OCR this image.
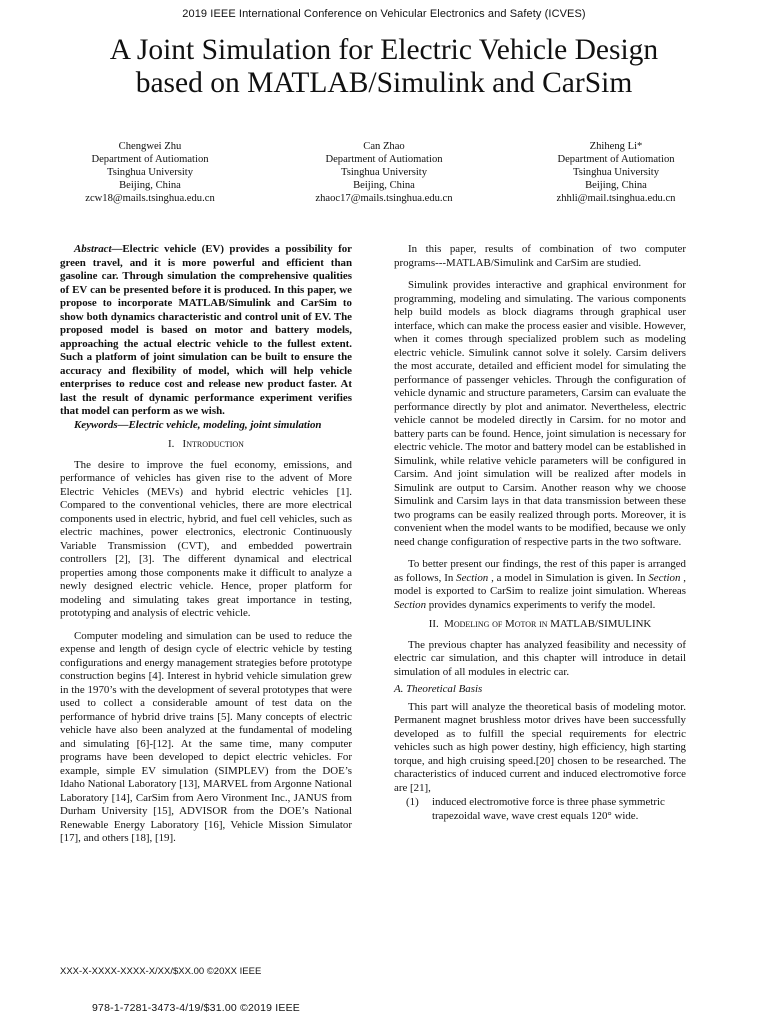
2019 IEEE International Conference on Vehicular Electronics and Safety (ICVES)
A Joint Simulation for Electric Vehicle Design
based on MATLAB/Simulink and CarSim
Chengwei Zhu
Department of Autiomation
Tsinghua University
Beijing, China
zcw18@mails.tsinghua.edu.cn
Can Zhao
Department of Autiomation
Tsinghua University
Beijing, China
zhaoc17@mails.tsinghua.edu.cn
Zhiheng Li*
Department of Autiomation
Tsinghua University
Beijing, China
zhhli@mail.tsinghua.edu.cn

Abstract—Electric vehicle (EV) provides a possibility for green travel, and it is more powerful and efficient than gasoline car. Through simulation the comprehensive qualities of EV can be presented before it is produced. In this paper, we propose to incorporate MATLAB/Simulink and CarSim to show both dynamics characteristic and control unit of EV. The proposed model is based on motor and battery models, approaching the actual electric vehicle to the fullest extent. Such a platform of joint simulation can be built to ensure the accuracy and flexibility of model, which will help vehicle enterprises to reduce cost and release new product faster. At last the result of dynamic performance experiment verifies that model can perform as we wish.

Keywords—Electric vehicle, modeling, joint simulation

I. Introduction

The desire to improve the fuel economy, emissions, and performance of vehicles has given rise to the advent of More Electric Vehicles (MEVs) and hybrid electric vehicles [1]. Compared to the conventional vehicles, there are more electrical components used in electric, hybrid, and fuel cell vehicles, such as electric machines, power electronics, electronic Continuously Variable Transmission (CVT), and embedded powertrain controllers [2], [3]. The different dynamical and electrical properties among those components make it difficult to analyze a newly designed electric vehicle. Hence, proper platform for modeling and simulating takes great importance in testing, prototyping and analysis of electric vehicle.

Computer modeling and simulation can be used to reduce the expense and length of design cycle of electric vehicle by testing configurations and energy management strategies before prototype construction begins [4]. Interest in hybrid vehicle simulation grew in the 1970’s with the development of several prototypes that were used to collect a considerable amount of test data on the performance of hybrid drive trains [5]. Many concepts of electric vehicle have also been analyzed at the fundamental of modeling and simulating [6]-[12]. At the same time, many computer programs have been developed to depict electric vehicles. For example, simple EV simulation (SIMPLEV) from the DOE’s Idaho National Laboratory [13], MARVEL from Argonne National Laboratory [14], CarSim from Aero Vironment Inc., JANUS from Durham University [15], ADVISOR from the DOE’s National Renewable Energy Laboratory [16], Vehicle Mission Simulator [17], and others [18], [19].

In this paper, results of combination of two computer programs---MATLAB/Simulink and CarSim are studied.

Simulink provides interactive and graphical environment for programming, modeling and simulating. The various components help build models as block diagrams through graphical user interface, which can make the process easier and visible. However, when it comes through specialized problem such as modeling electric vehicle. Simulink cannot solve it solely. Carsim delivers the most accurate, detailed and efficient model for simulating the performance of passenger vehicles. Through the configuration of vehicle dynamic and structure parameters, Carsim can evaluate the performance directly by plot and animator. Nevertheless, electric vehicle cannot be modeled directly in Carsim. for no motor and battery parts can be found. Hence, joint simulation is necessary for electric vehicle. The motor and battery model can be established in Simulink, while relative vehicle parameters will be configured in Carsim. And joint simulation will be realized after models in Simulink are output to Carsim. Another reason why we choose Simulink and Carsim lays in that data transmission between these two programs can be easily realized through ports. Moreover, it is convenient when the model wants to be modified, because we only need change configuration of respective parts in the two software.

To better present our findings, the rest of this paper is arranged as follows, In Section , a model in Simulation is given. In Section , model is exported to CarSim to realize joint simulation. Whereas Section provides dynamics experiments to verify the model.

II. Modeling of Motor in MATLAB/SIMULINK

The previous chapter has analyzed feasibility and necessity of electric car simulation, and this chapter will introduce in detail simulation of all modules in electric car.

A. Theoretical Basis

This part will analyze the theoretical basis of modeling motor. Permanent magnet brushless motor drives have been successfully developed as to fulfill the special requirements for electric vehicles such as high power destiny, high efficiency, high starting torque, and high cruising speed.[20] chosen to be researched. The characteristics of induced current and induced electromotive force are [21],

(1)	induced electromotive force is three phase symmetric trapezoidal wave, wave crest equals 120° wide.
XXX-X-XXXX-XXXX-X/XX/$XX.00 ©20XX IEEE
978-1-7281-3473-4/19/$31.00 ©2019 IEEE
